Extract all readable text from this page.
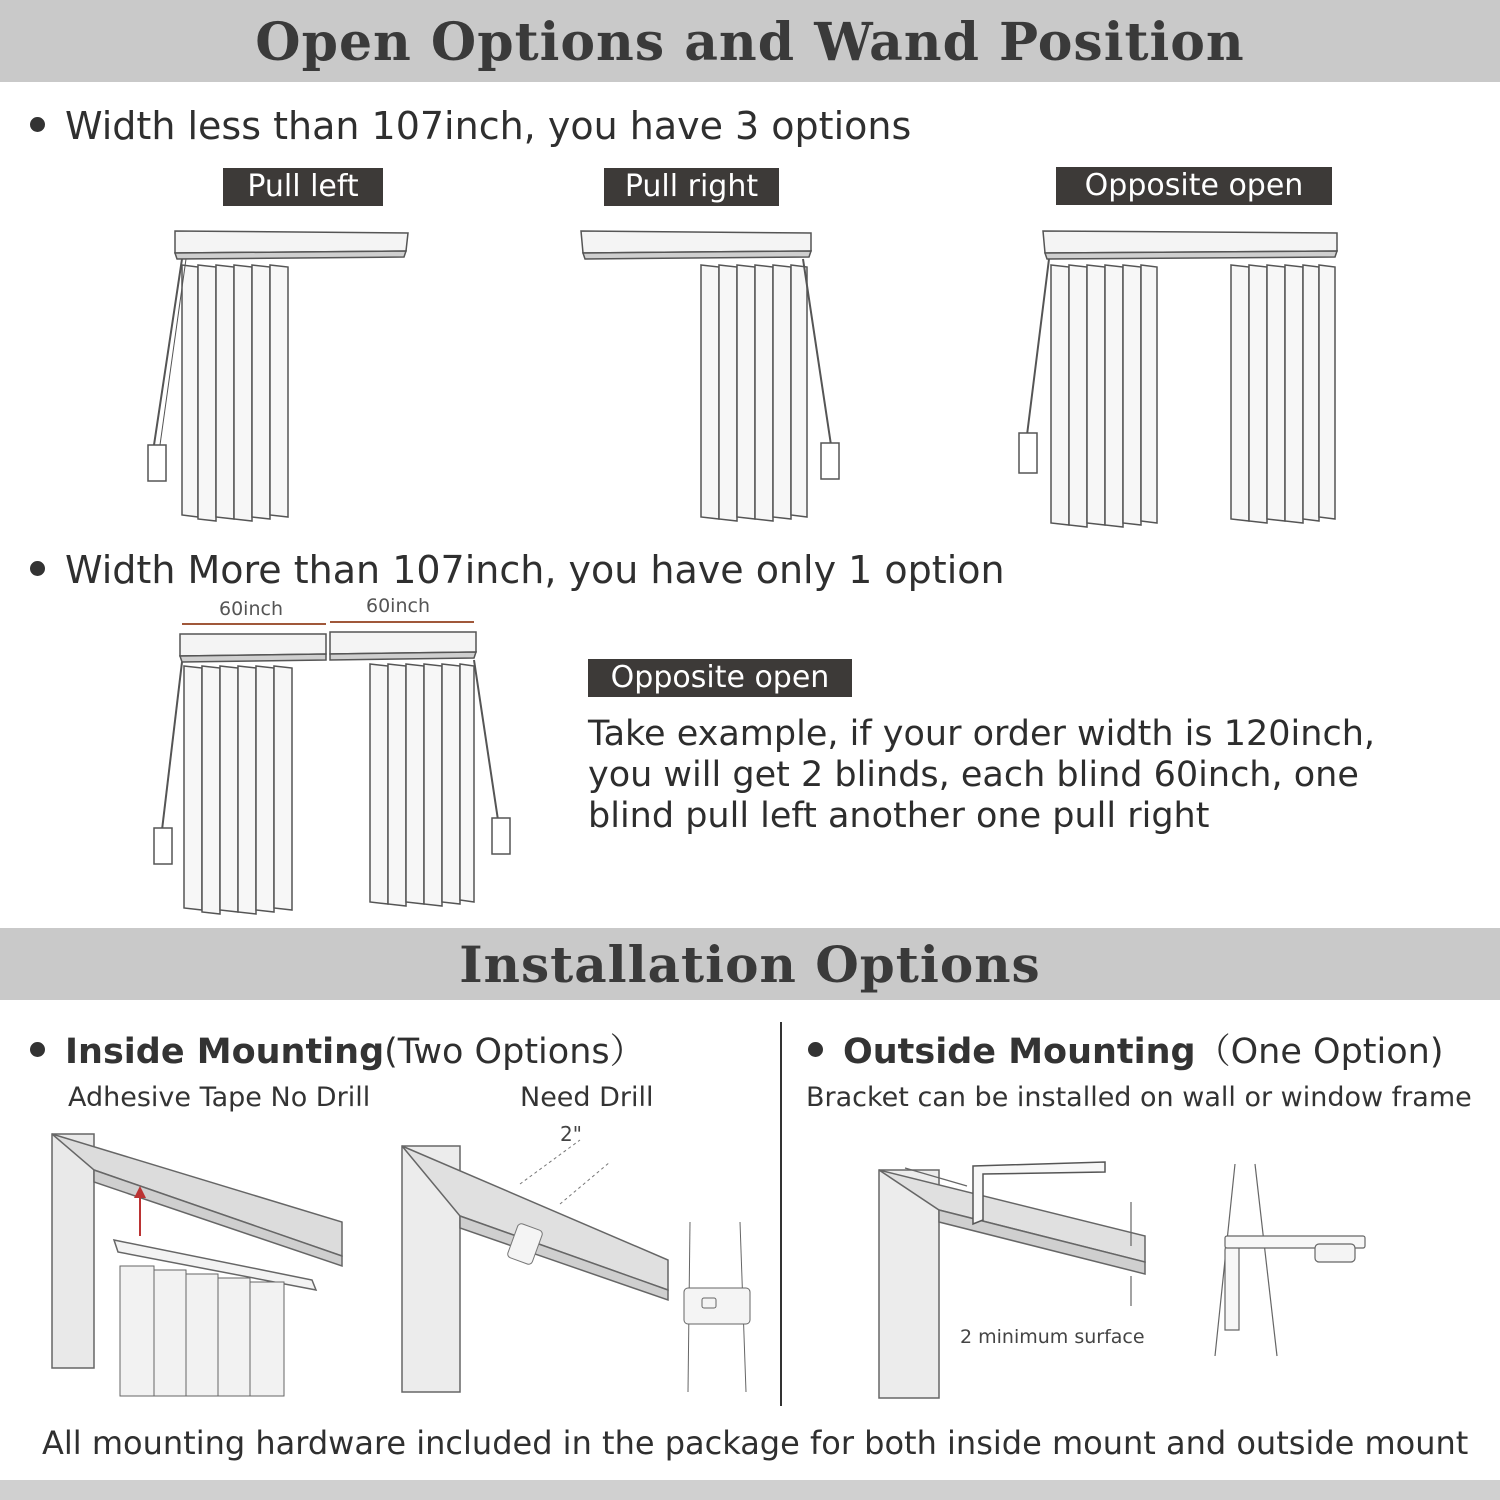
Open Options and Wand Position
Width less than 107inch, you have 3 options
Pull left	Pull right	Opposite open
Width More than 107inch, you have only 1 option
60inch	60inch
Opposite open
Take example, if your order width is 120inch, you will get 2 blinds, each blind 60inch, one blind pull left another one pull right
Installation Options
Inside Mounting(Two Options）
Adhesive Tape No Drill	Need Drill
2"
Outside Mounting（One Option)
Bracket can be installed on wall or window frame
2 minimum surface
All mounting hardware included in the package for both inside mount and outside mount
